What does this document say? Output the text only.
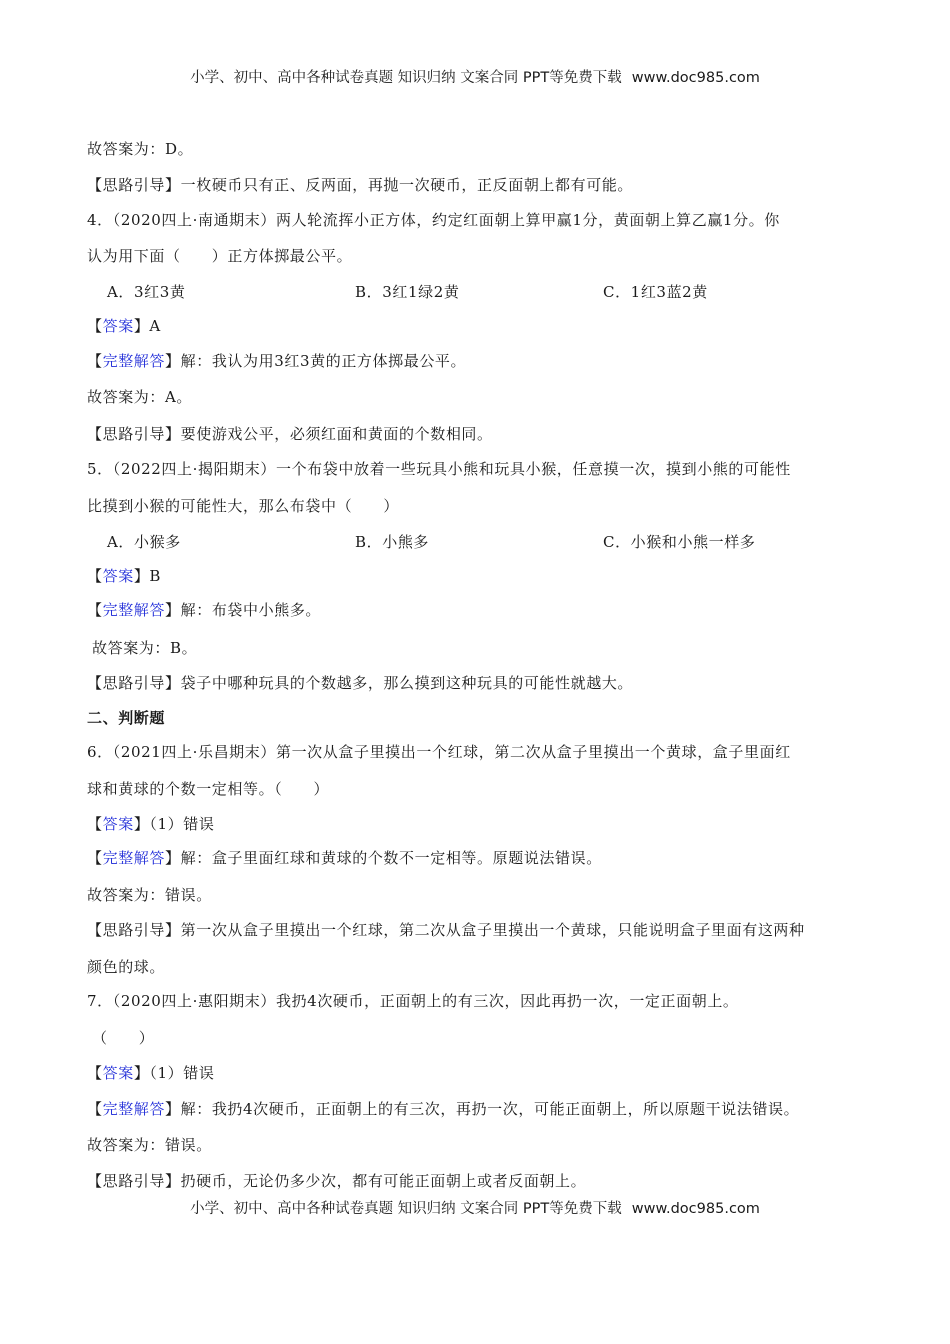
小学、初中、高中各种试卷真题 知识归纳 文案合同 PPT等免费下载 www.doc985.com
故答案为：D。
【思路引导】一枚硬币只有正、反两面，再抛一次硬币，正反面朝上都有可能。
4．（2020四上·南通期末）两人轮流挥小正方体，约定红面朝上算甲赢1分，黄面朝上算乙赢1分。你
认为用下面（　　）正方体掷最公平。
A．3红3黄	B．3红1绿2黄	C．1红3蓝2黄
【答案】A
【完整解答】解：我认为用3红3黄的正方体掷最公平。
故答案为：A。
【思路引导】要使游戏公平，必须红面和黄面的个数相同。
5．（2022四上·揭阳期末）一个布袋中放着一些玩具小熊和玩具小猴，任意摸一次，摸到小熊的可能性
比摸到小猴的可能性大，那么布袋中（　　）
A．小猴多	B．小熊多	C．小猴和小熊一样多
【答案】B
【完整解答】解：布袋中小熊多。
故答案为：B。
【思路引导】袋子中哪种玩具的个数越多，那么摸到这种玩具的可能性就越大。
二、判断题
6．（2021四上·乐昌期末）第一次从盒子里摸出一个红球，第二次从盒子里摸出一个黄球，盒子里面红
球和黄球的个数一定相等。（　　）
【答案】（1）错误
【完整解答】解：盒子里面红球和黄球的个数不一定相等。原题说法错误。
故答案为：错误。
【思路引导】第一次从盒子里摸出一个红球，第二次从盒子里摸出一个黄球，只能说明盒子里面有这两种
颜色的球。
7．（2020四上·惠阳期末）我扔4次硬币，正面朝上的有三次，因此再扔一次，一定正面朝上。
（　　）
【答案】（1）错误
【完整解答】解：我扔4次硬币，正面朝上的有三次，再扔一次，可能正面朝上，所以原题干说法错误。
故答案为：错误。
【思路引导】扔硬币，无论仍多少次，都有可能正面朝上或者反面朝上。
小学、初中、高中各种试卷真题 知识归纳 文案合同 PPT等免费下载 www.doc985.com
